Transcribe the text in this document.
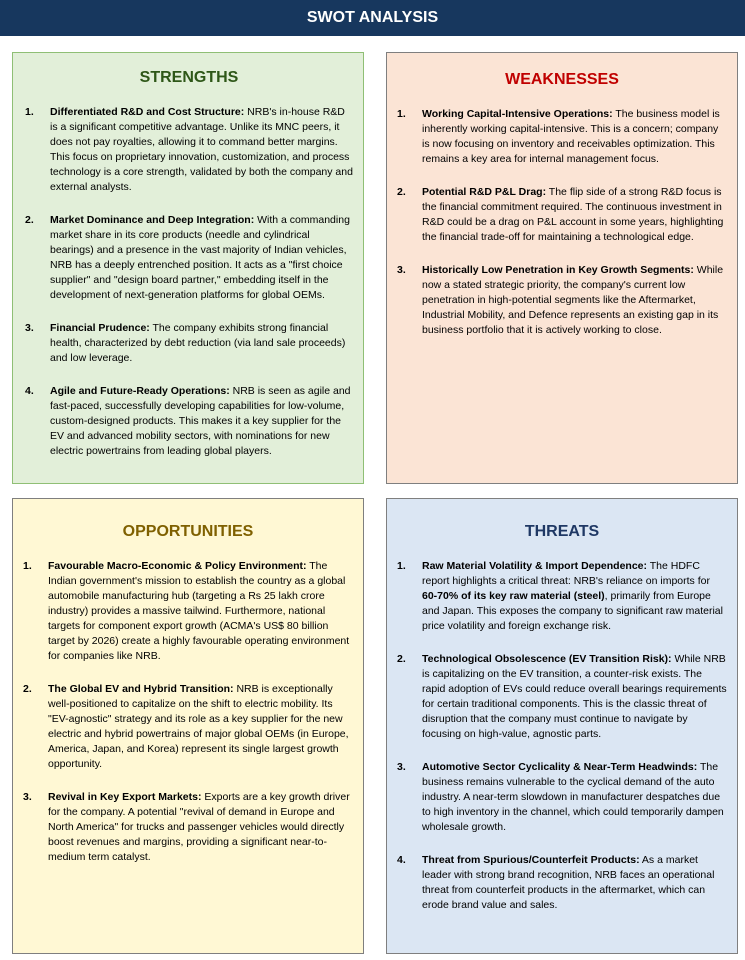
SWOT ANALYSIS
STRENGTHS
1. Differentiated R&D and Cost Structure: NRB's in-house R&D is a significant competitive advantage. Unlike its MNC peers, it does not pay royalties, allowing it to command better margins. This focus on proprietary innovation, customization, and process technology is a core strength, validated by both the company and external analysts.
2. Market Dominance and Deep Integration: With a commanding market share in its core products (needle and cylindrical bearings) and a presence in the vast majority of Indian vehicles, NRB has a deeply entrenched position. It acts as a "first choice supplier" and "design board partner," embedding itself in the development of next-generation platforms for global OEMs.
3. Financial Prudence: The company exhibits strong financial health, characterized by debt reduction (via land sale proceeds) and low leverage.
4. Agile and Future-Ready Operations: NRB is seen as agile and fast-paced, successfully developing capabilities for low-volume, custom-designed products. This makes it a key supplier for the EV and advanced mobility sectors, with nominations for new electric powertrains from leading global players.
WEAKNESSES
1. Working Capital-Intensive Operations: The business model is inherently working capital-intensive. This is a concern; company is now focusing on inventory and receivables optimization. This remains a key area for internal management focus.
2. Potential R&D P&L Drag: The flip side of a strong R&D focus is the financial commitment required. The continuous investment in R&D could be a drag on P&L account in some years, highlighting the financial trade-off for maintaining a technological edge.
3. Historically Low Penetration in Key Growth Segments: While now a stated strategic priority, the company's current low penetration in high-potential segments like the Aftermarket, Industrial Mobility, and Defence represents an existing gap in its business portfolio that it is actively working to close.
OPPORTUNITIES
1. Favourable Macro-Economic & Policy Environment: The Indian government's mission to establish the country as a global automobile manufacturing hub (targeting a Rs 25 lakh crore industry) provides a massive tailwind. Furthermore, national targets for component export growth (ACMA's US$ 80 billion target by 2026) create a highly favourable operating environment for companies like NRB.
2. The Global EV and Hybrid Transition: NRB is exceptionally well-positioned to capitalize on the shift to electric mobility. Its "EV-agnostic" strategy and its role as a key supplier for the new electric and hybrid powertrains of major global OEMs (in Europe, America, Japan, and Korea) represent its single largest growth opportunity.
3. Revival in Key Export Markets: Exports are a key growth driver for the company. A potential "revival of demand in Europe and North America" for trucks and passenger vehicles would directly boost revenues and margins, providing a significant near-to-medium term catalyst.
THREATS
1. Raw Material Volatility & Import Dependence: The HDFC report highlights a critical threat: NRB's reliance on imports for 60-70% of its key raw material (steel), primarily from Europe and Japan. This exposes the company to significant raw material price volatility and foreign exchange risk.
2. Technological Obsolescence (EV Transition Risk): While NRB is capitalizing on the EV transition, a counter-risk exists. The rapid adoption of EVs could reduce overall bearings requirements for certain traditional components. This is the classic threat of disruption that the company must continue to navigate by focusing on high-value, agnostic parts.
3. Automotive Sector Cyclicality & Near-Term Headwinds: The business remains vulnerable to the cyclical demand of the auto industry. A near-term slowdown in manufacturer despatches due to high inventory in the channel, which could temporarily dampen wholesale growth.
4. Threat from Spurious/Counterfeit Products: As a market leader with strong brand recognition, NRB faces an operational threat from counterfeit products in the aftermarket, which can erode brand value and sales.
